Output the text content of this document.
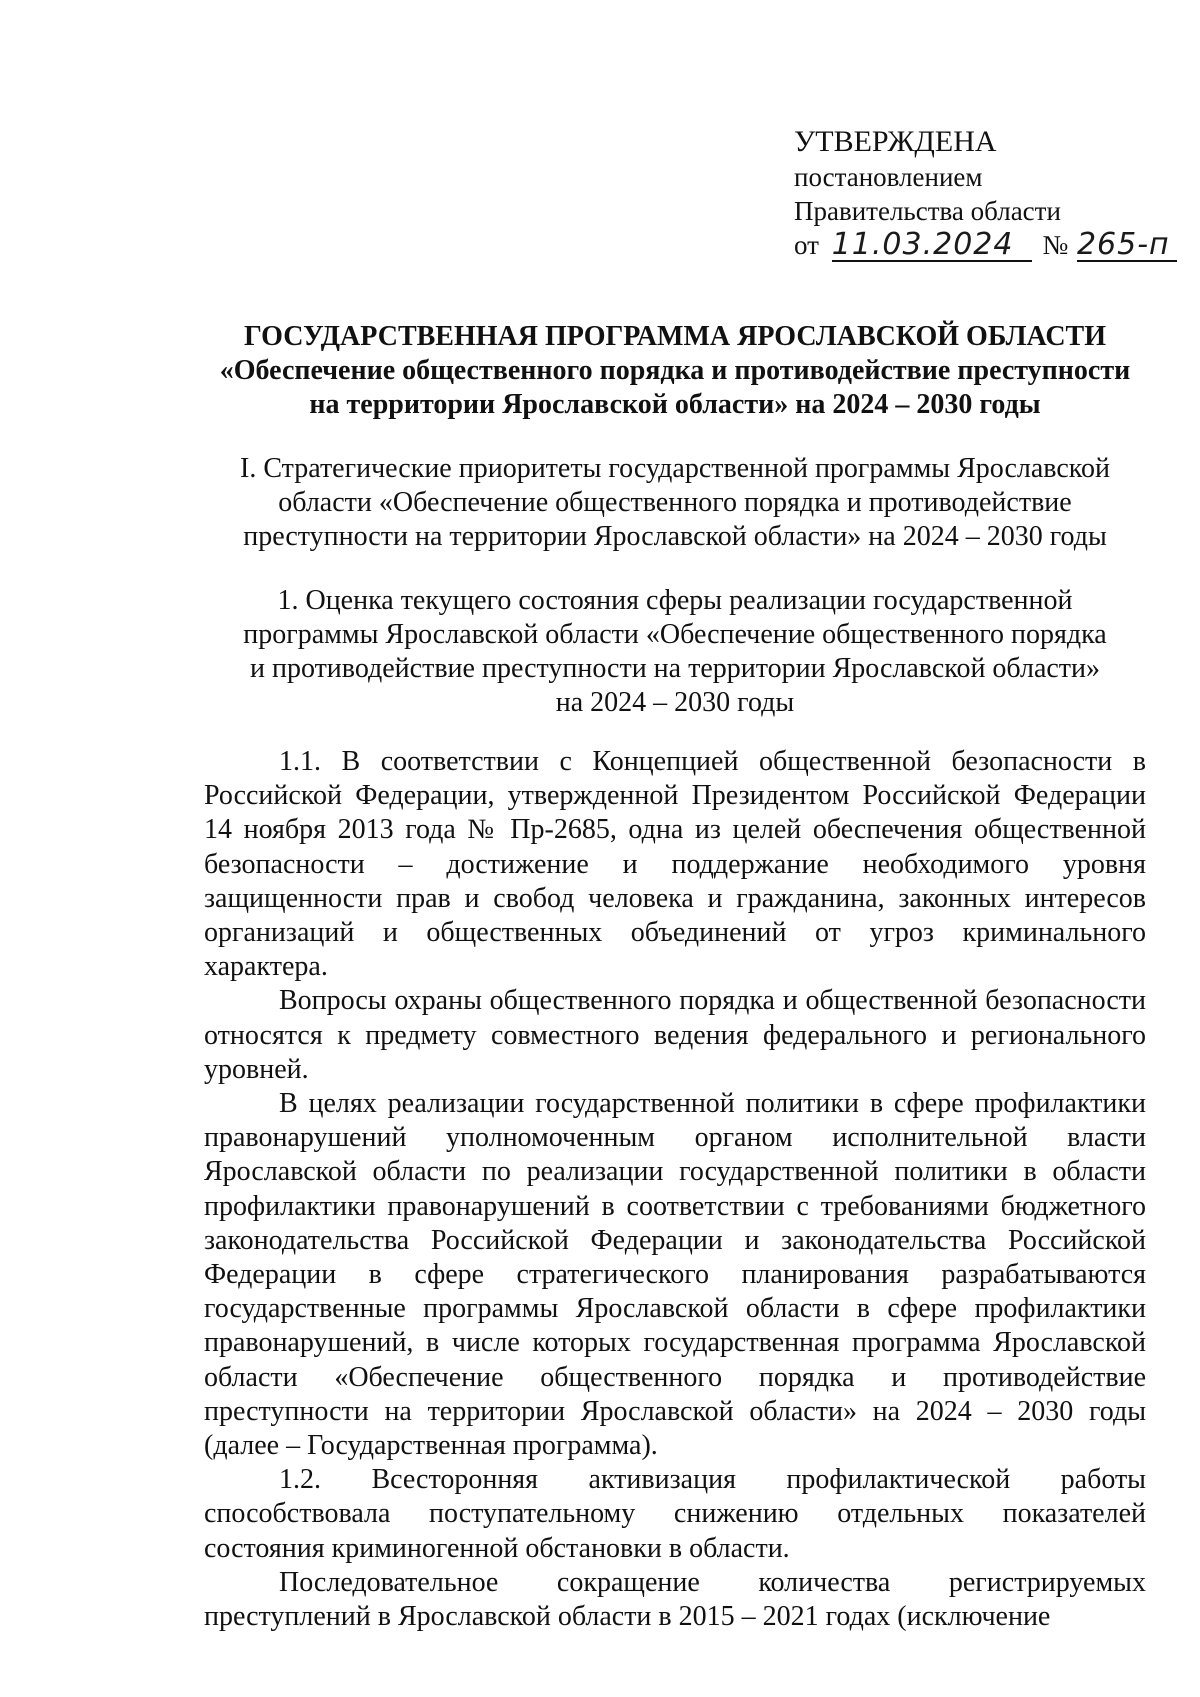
УТВЕРЖДЕНА
постановлением
Правительства области
от 11.03.2024 № 265-п
ГОСУДАРСТВЕННАЯ ПРОГРАММА ЯРОСЛАВСКОЙ ОБЛАСТИ
«Обеспечение общественного порядка и противодействие преступности
на территории Ярославской области» на 2024 – 2030 годы
I. Стратегические приоритеты государственной программы Ярославской
области «Обеспечение общественного порядка и противодействие
преступности на территории Ярославской области» на 2024 – 2030 годы
1. Оценка текущего состояния сферы реализации государственной
программы Ярославской области «Обеспечение общественного порядка
и противодействие преступности на территории Ярославской области»
на 2024 – 2030 годы

1.1. В соответствии с Концепцией общественной безопасности в Российской Федерации, утвержденной Президентом Российской Федерации 14 ноября 2013 года № Пр-2685, одна из целей обеспечения общественной безопасности – достижение и поддержание необходимого уровня защищенности прав и свобод человека и гражданина, законных интересов организаций и общественных объединений от угроз криминального характера.

Вопросы охраны общественного порядка и общественной безопасности относятся к предмету совместного ведения федерального и регионального уровней.

В целях реализации государственной политики в сфере профилактики правонарушений уполномоченным органом исполнительной власти Ярославской области по реализации государственной политики в области профилактики правонарушений в соответствии с требованиями бюджетного законодательства Российской Федерации и законодательства Российской Федерации в сфере стратегического планирования разрабатываются государственные программы Ярославской области в сфере профилактики правонарушений, в числе которых государственная программа Ярославской области «Обеспечение общественного порядка и противодействие преступности на территории Ярославской области» на 2024 – 2030 годы (далее – Государственная программа).

1.2. Всесторонняя активизация профилактической работы способствовала поступательному снижению отдельных показателей состояния криминогенной обстановки в области.

Последовательное сокращение количества регистрируемых преступлений в Ярославской области в 2015 – 2021 годах (исключение
